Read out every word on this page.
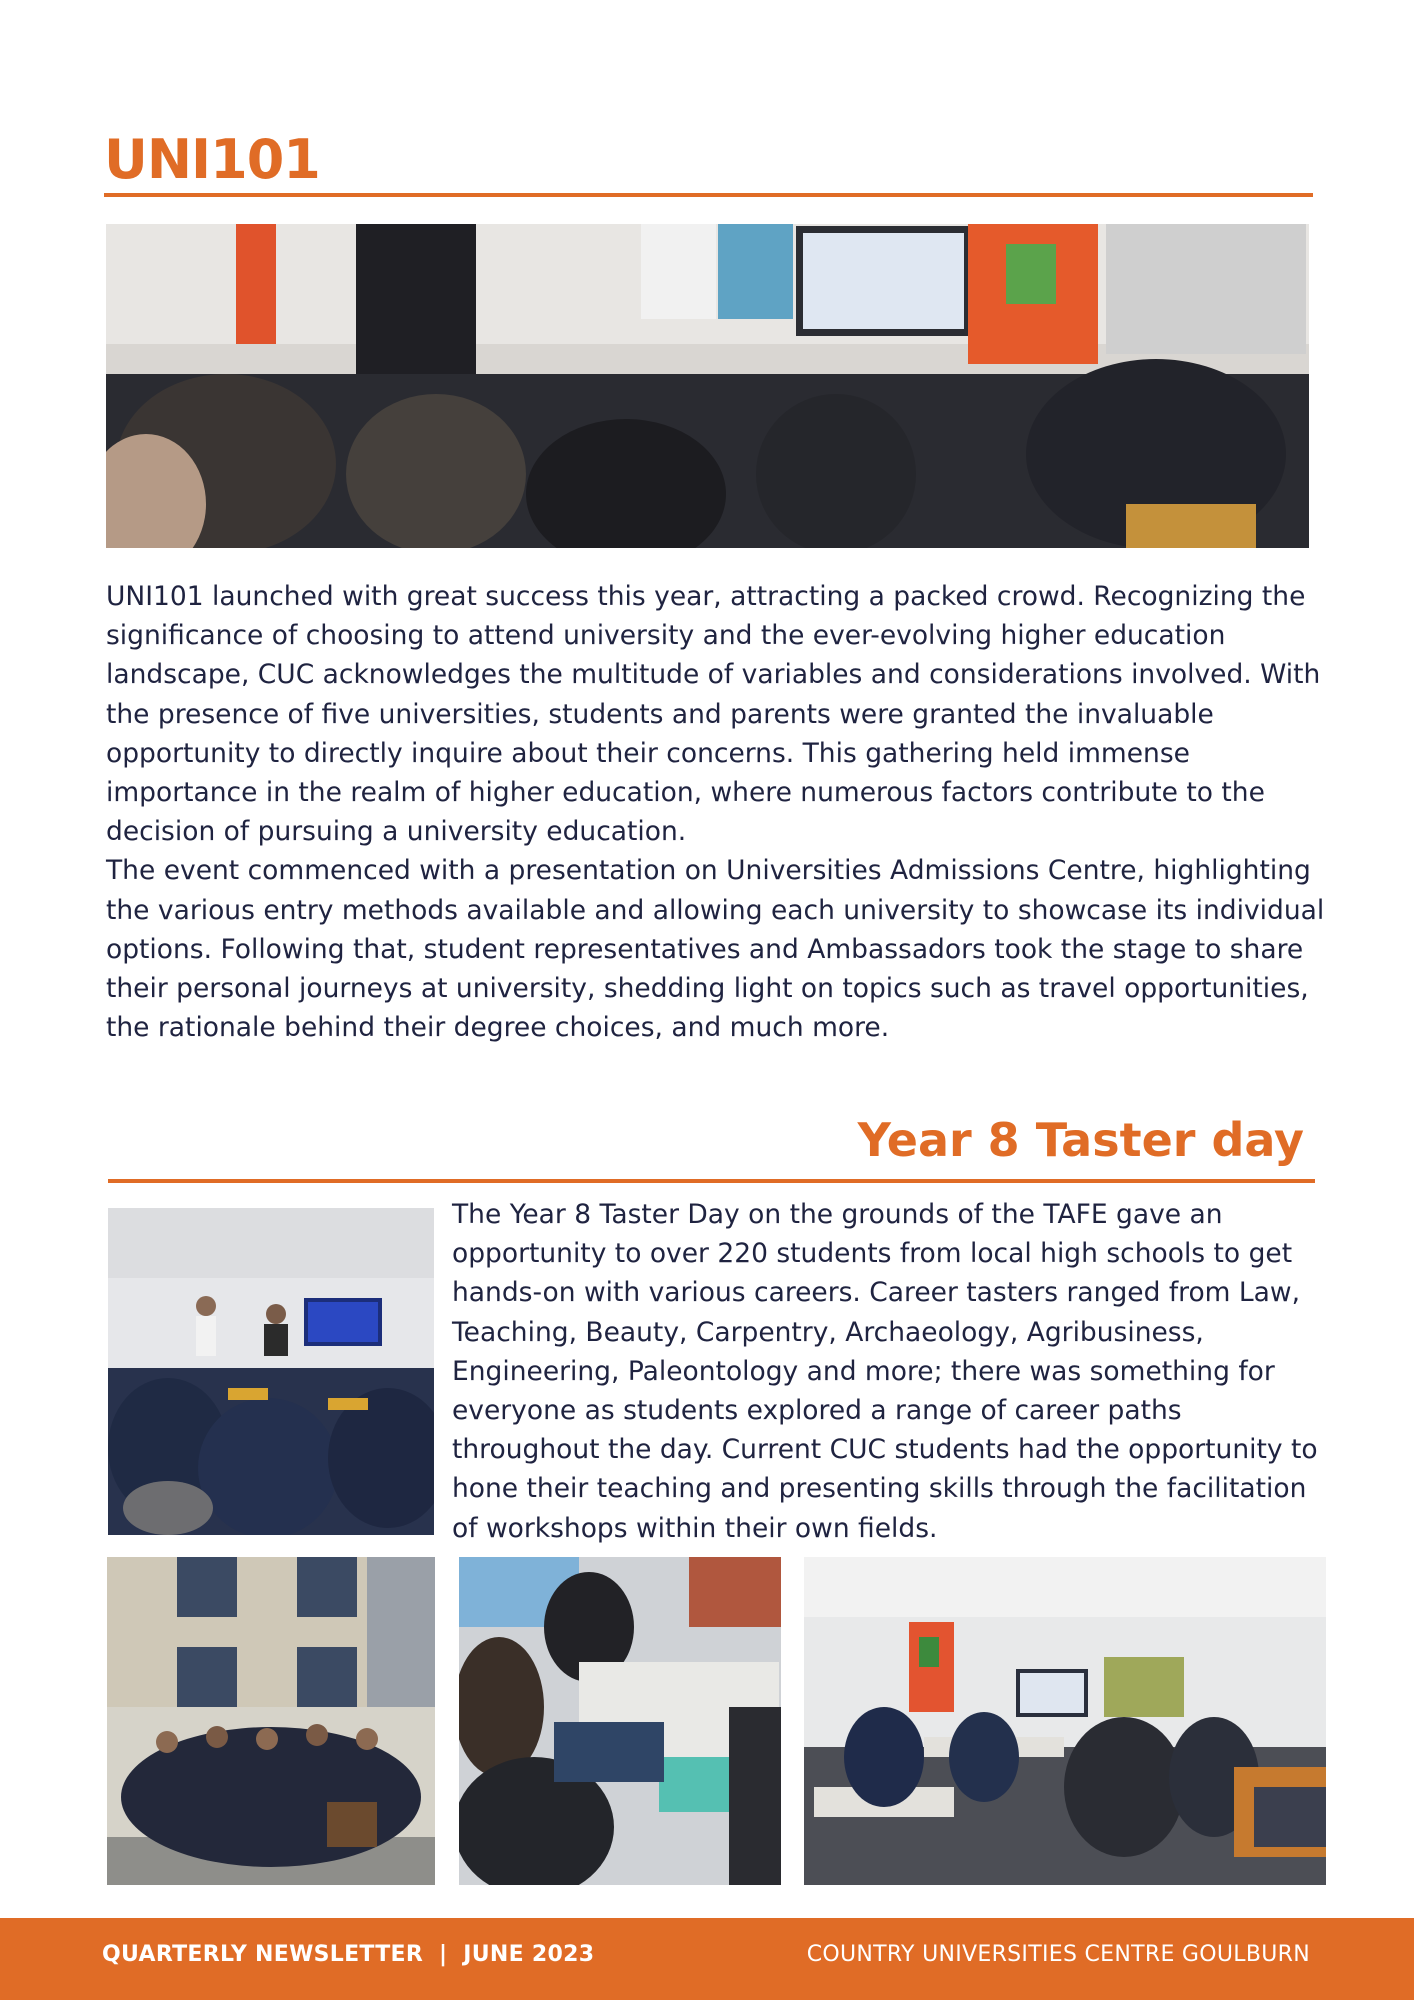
UNI101

UNI101 launched with great success this year, attracting a packed crowd. Recognizing the significance of choosing to attend university and the ever-evolving higher education landscape, CUC acknowledges the multitude of variables and considerations involved. With the presence of five universities, students and parents were granted the invaluable opportunity to directly inquire about their concerns. This gathering held immense importance in the realm of higher education, where numerous factors contribute to the decision of pursuing a university education.

The event commenced with a presentation on Universities Admissions Centre, highlighting the various entry methods available and allowing each university to showcase its individual options. Following that, student representatives and Ambassadors took the stage to share their personal journeys at university, shedding light on topics such as travel opportunities, the rationale behind their degree choices, and much more.

Year 8 Taster day
The Year 8 Taster Day on the grounds of the TAFE gave an opportunity to over 220 students from local high schools to get hands-on with various careers. Career tasters ranged from Law, Teaching, Beauty, Carpentry, Archaeology, Agribusiness, Engineering, Paleontology and more; there was something for everyone as students explored a range of career paths throughout the day. Current CUC students had the opportunity to hone their teaching and presenting skills through the facilitation of workshops within their own fields.
QUARTERLY NEWSLETTER  |  JUNE 2023	COUNTRY UNIVERSITIES CENTRE GOULBURN
